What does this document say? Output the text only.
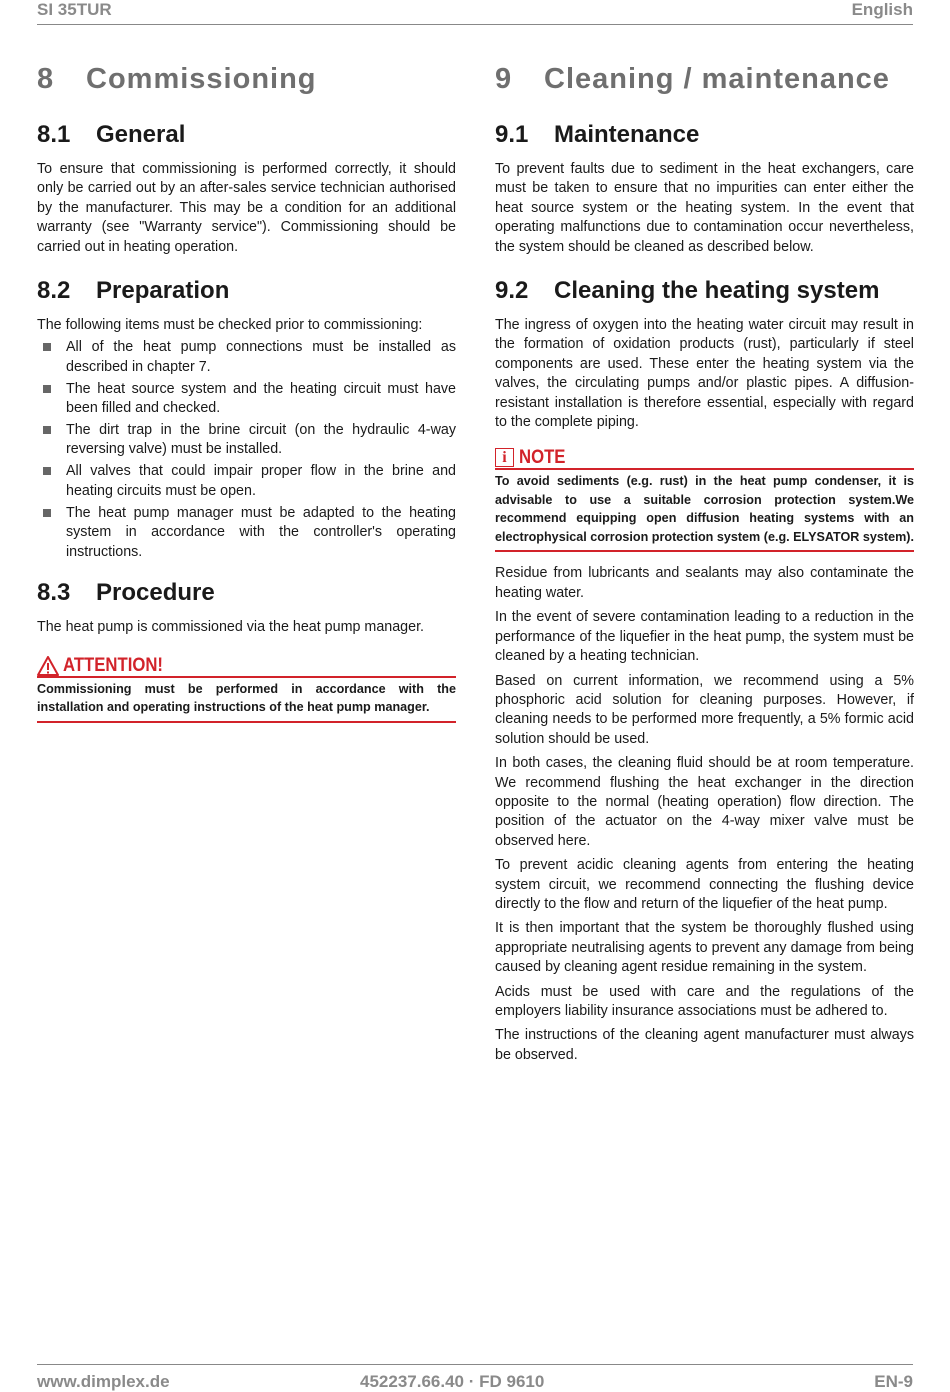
SI 35TUR	English
8	Commissioning
8.1	General

To ensure that commissioning is performed correctly, it should only be carried out by an after-sales service technician authorised by the manufacturer. This may be a condition for an additional warranty (see "Warranty service"). Commissioning should be carried out in heating operation.

8.2	Preparation

The following items must be checked prior to commissioning:

All of the heat pump connections must be installed as described in chapter 7.
The heat source system and the heating circuit must have been filled and checked.
The dirt trap in the brine circuit (on the hydraulic 4-way reversing valve) must be installed.
All valves that could impair proper flow in the brine and heating circuits must be open.
The heat pump manager must be adapted to the heating system in accordance with the controller's operating instructions.
8.3	Procedure

The heat pump is commissioned via the heat pump manager.

ATTENTION!
Commissioning must be performed in accordance with the installation and operating instructions of the heat pump manager.
9	Cleaning / maintenance
9.1	Maintenance

To prevent faults due to sediment in the heat exchangers, care must be taken to ensure that no impurities can enter either the heat source system or the heating system. In the event that operating malfunctions due to contamination occur nevertheless, the system should be cleaned as described below.

9.2	Cleaning the heating system

The ingress of oxygen into the heating water circuit may result in the formation of oxidation products (rust), particularly if steel components are used. These enter the heating system via the valves, the circulating pumps and/or plastic pipes. A diffusion-resistant installation is therefore essential, especially with regard to the complete piping.

i NOTE
To avoid sediments (e.g. rust) in the heat pump condenser, it is advisable to use a suitable corrosion protection system.We recommend equipping open diffusion heating systems with an electrophysical corrosion protection system (e.g. ELYSATOR system).

Residue from lubricants and sealants may also contaminate the heating water.

In the event of severe contamination leading to a reduction in the performance of the liquefier in the heat pump, the system must be cleaned by a heating technician.

Based on current information, we recommend using a 5% phosphoric acid solution for cleaning purposes. However, if cleaning needs to be performed more frequently, a 5% formic acid solution should be used.

In both cases, the cleaning fluid should be at room temperature. We recommend flushing the heat exchanger in the direction opposite to the normal (heating operation) flow direction. The position of the actuator on the 4-way mixer valve must be observed here.

To prevent acidic cleaning agents from entering the heating system circuit, we recommend connecting the flushing device directly to the flow and return of the liquefier of the heat pump.

It is then important that the system be thoroughly flushed using appropriate neutralising agents to prevent any damage from being caused by cleaning agent residue remaining in the system.

Acids must be used with care and the regulations of the employers liability insurance associations must be adhered to.

The instructions of the cleaning agent manufacturer must always be observed.

www.dimplex.de	452237.66.40 · FD 9610	EN-9
